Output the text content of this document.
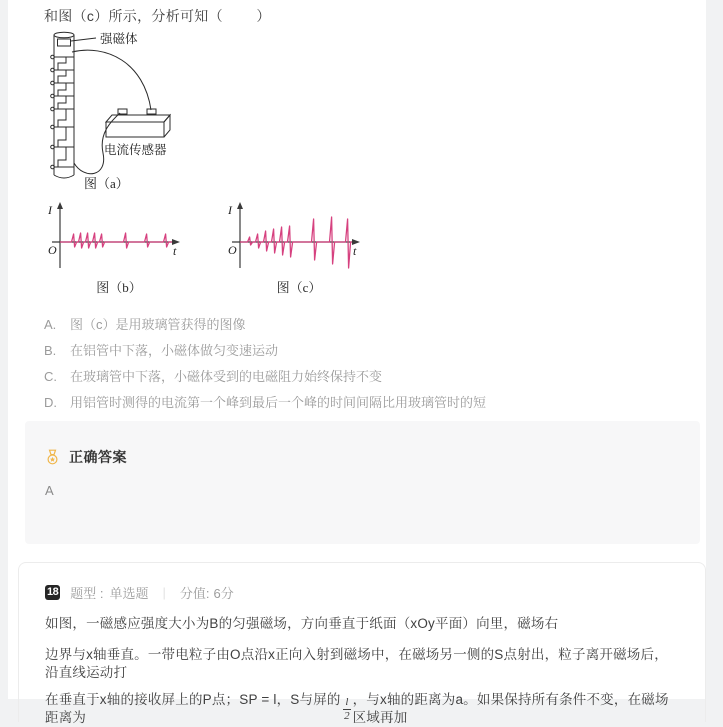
和图（c）所示，分析可知（        ）
强磁体
电流传感器
图（a）
I
O	t
图（b）
I
O	t
图（c）
A.	图（c）是用玻璃管获得的图像
B.	在铝管中下落，小磁体做匀变速运动
C.	在玻璃管中下落，小磁体受到的电磁阻力始终保持不变
D.	用铝管时测得的电流第一个峰到最后一个峰的时间间隔比用玻璃管时的短
正确答案
A
18 题型 : 单选题 | 分值: 6分
如图，一磁感应强度大小为B的匀强磁场，方向垂直于纸面（xOy平面）向里，磁场右
边界与x轴垂直。一带电粒子由O点沿x正向入射到磁场中，在磁场另一侧的S点射出，粒子离开磁场后，沿直线运动打
在垂直于x轴的接收屏上的P点；SP = l，S与屏的距离为	$\frac{l}{2}$ ，与x轴的距离为a。如果保持所有条件不变，在磁场区域再加
